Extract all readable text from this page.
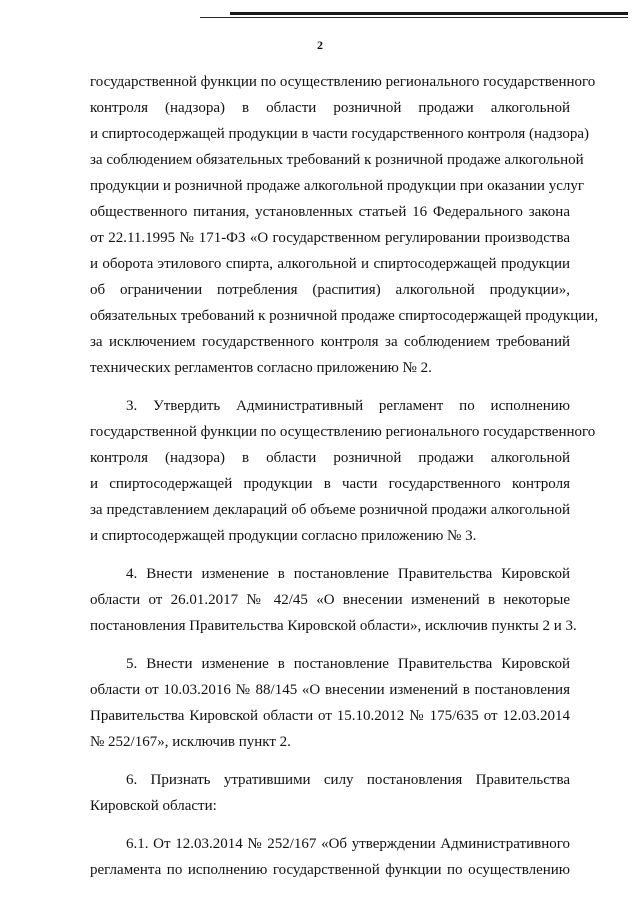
2
государственной функции по осуществлению регионального государственного
контроля (надзора) в области розничной продажи алкогольной
и спиртосодержащей продукции в части государственного контроля (надзора)
за соблюдением обязательных требований к розничной продаже алкогольной
продукции и розничной продаже алкогольной продукции при оказании услуг
общественного питания, установленных статьей 16 Федерального закона
от 22.11.1995 № 171-ФЗ «О государственном регулировании производства
и оборота этилового спирта, алкогольной и спиртосодержащей продукции
об ограничении потребления (распития) алкогольной продукции»,
обязательных требований к розничной продаже спиртосодержащей продукции,
за исключением государственного контроля за соблюдением требований
технических регламентов согласно приложению № 2.
3. Утвердить Административный регламент по исполнению
государственной функции по осуществлению регионального государственного
контроля (надзора) в области розничной продажи алкогольной
и спиртосодержащей продукции в части государственного контроля
за представлением деклараций об объеме розничной продажи алкогольной
и спиртосодержащей продукции согласно приложению № 3.
4. Внести изменение в постановление Правительства Кировской
области от 26.01.2017 № 42/45 «О внесении изменений в некоторые
постановления Правительства Кировской области», исключив пункты 2 и 3.
5. Внести изменение в постановление Правительства Кировской
области от 10.03.2016 № 88/145 «О внесении изменений в постановления
Правительства Кировской области от 15.10.2012 № 175/635 от 12.03.2014
№ 252/167», исключив пункт 2.
6. Признать утратившими силу постановления Правительства
Кировской области:
6.1. От 12.03.2014 № 252/167 «Об утверждении Административного
регламента по исполнению государственной функции по осуществлению
